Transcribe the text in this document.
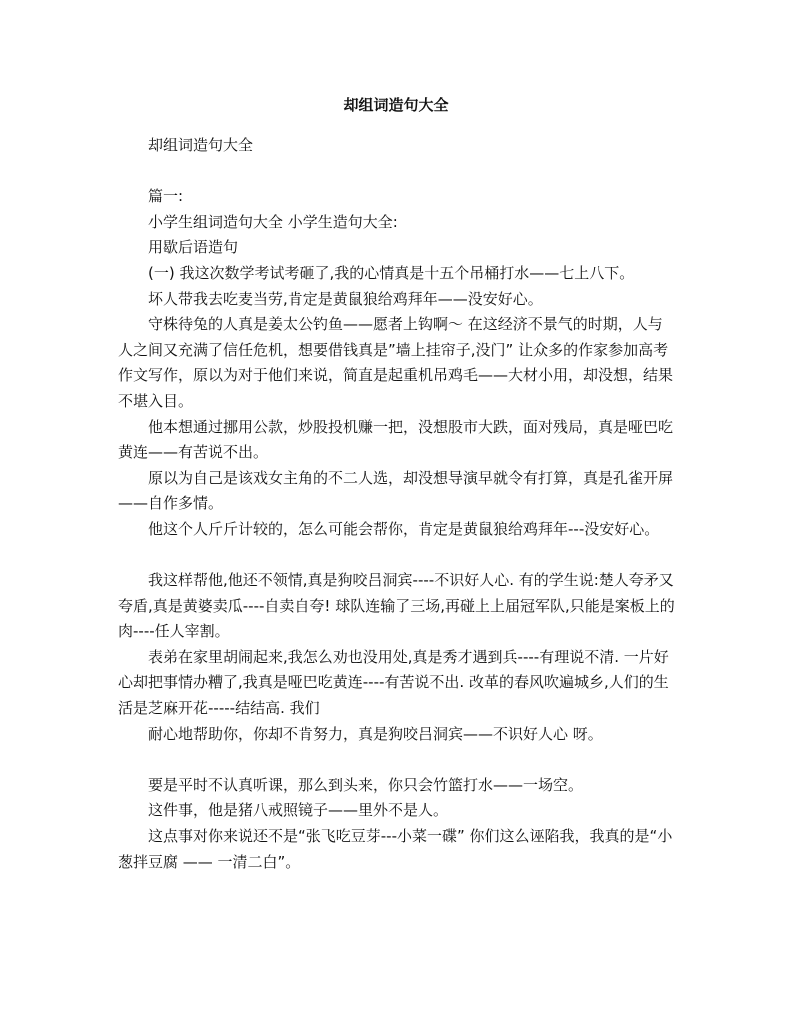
却组词造句大全

却组词造句大全

篇一:

小学生组词造句大全 小学生造句大全:

用歇后语造句

(一) 我这次数学考试考砸了,我的心情真是十五个吊桶打水——七上八下。

坏人带我去吃麦当劳,肯定是黄鼠狼给鸡拜年——没安好心。

守株待兔的人真是姜太公钓鱼——愿者上钩啊～ 在这经济不景气的时期，人与人之间又充满了信任危机，想要借钱真是”墙上挂帘子,没门” 让众多的作家参加高考作文写作，原以为对于他们来说，简直是起重机吊鸡毛——大材小用，却没想，结果不堪入目。

他本想通过挪用公款，炒股投机赚一把，没想股市大跌，面对残局，真是哑巴吃黄连——有苦说不出。

原以为自己是该戏女主角的不二人选，却没想导演早就令有打算，真是孔雀开屏——自作多情。

他这个人斤斤计较的，怎么可能会帮你，肯定是黄鼠狼给鸡拜年---没安好心。

我这样帮他,他还不领情,真是狗咬吕洞宾----不识好人心. 有的学生说:楚人夸矛又夸盾,真是黄婆卖瓜----自卖自夸! 球队连输了三场,再碰上上届冠军队,只能是案板上的肉----任人宰割。

表弟在家里胡闹起来,我怎么劝也没用处,真是秀才遇到兵----有理说不清. 一片好心却把事情办糟了,我真是哑巴吃黄连----有苦说不出. 改革的春风吹遍城乡,人们的生活是芝麻开花-----结结高. 我们

耐心地帮助你，你却不肯努力，真是狗咬吕洞宾——不识好人心 呀。

要是平时不认真听课，那么到头来，你只会竹篮打水——一场空。

这件事，他是猪八戒照镜子——里外不是人。

这点事对你来说还不是“张飞吃豆芽---小菜一碟” 你们这么诬陷我，我真的是“小葱拌豆腐 —— 一清二白”。
